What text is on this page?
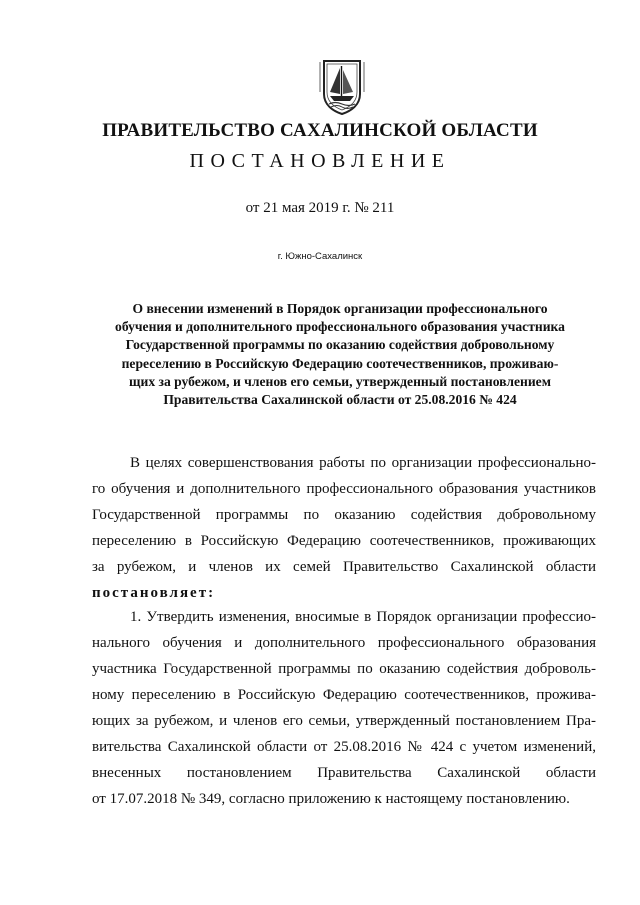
ПРАВИТЕЛЬСТВО САХАЛИНСКОЙ ОБЛАСТИ
ПОСТАНОВЛЕНИЕ
от 21 мая 2019 г. № 211
г. Южно-Сахалинск
О внесении изменений в Порядок организации профессионального
обучения и дополнительного профессионального образования участника
Государственной программы по оказанию содействия добровольному
переселению в Российскую Федерацию соотечественников, проживаю-
щих за рубежом, и членов его семьи, утвержденный постановлением
Правительства Сахалинской области от 25.08.2016 № 424
В целях совершенствования работы по организации профессионально-
го обучения и дополнительного профессионального образования участников
Государственной программы по оказанию содействия добровольному
переселению в Российскую Федерацию соотечественников, проживающих
за рубежом, и членов их семей Правительство Сахалинской области
постановляет:
1. Утвердить изменения, вносимые в Порядок организации профессио-
нального обучения и дополнительного профессионального образования
участника Государственной программы по оказанию содействия доброволь-
ному переселению в Российскую Федерацию соотечественников, прожива-
ющих за рубежом, и членов его семьи, утвержденный постановлением Пра-
вительства Сахалинской области от 25.08.2016 № 424 с учетом изменений,
внесенных постановлением Правительства Сахалинской области
от 17.07.2018 № 349, согласно приложению к настоящему постановлению.
